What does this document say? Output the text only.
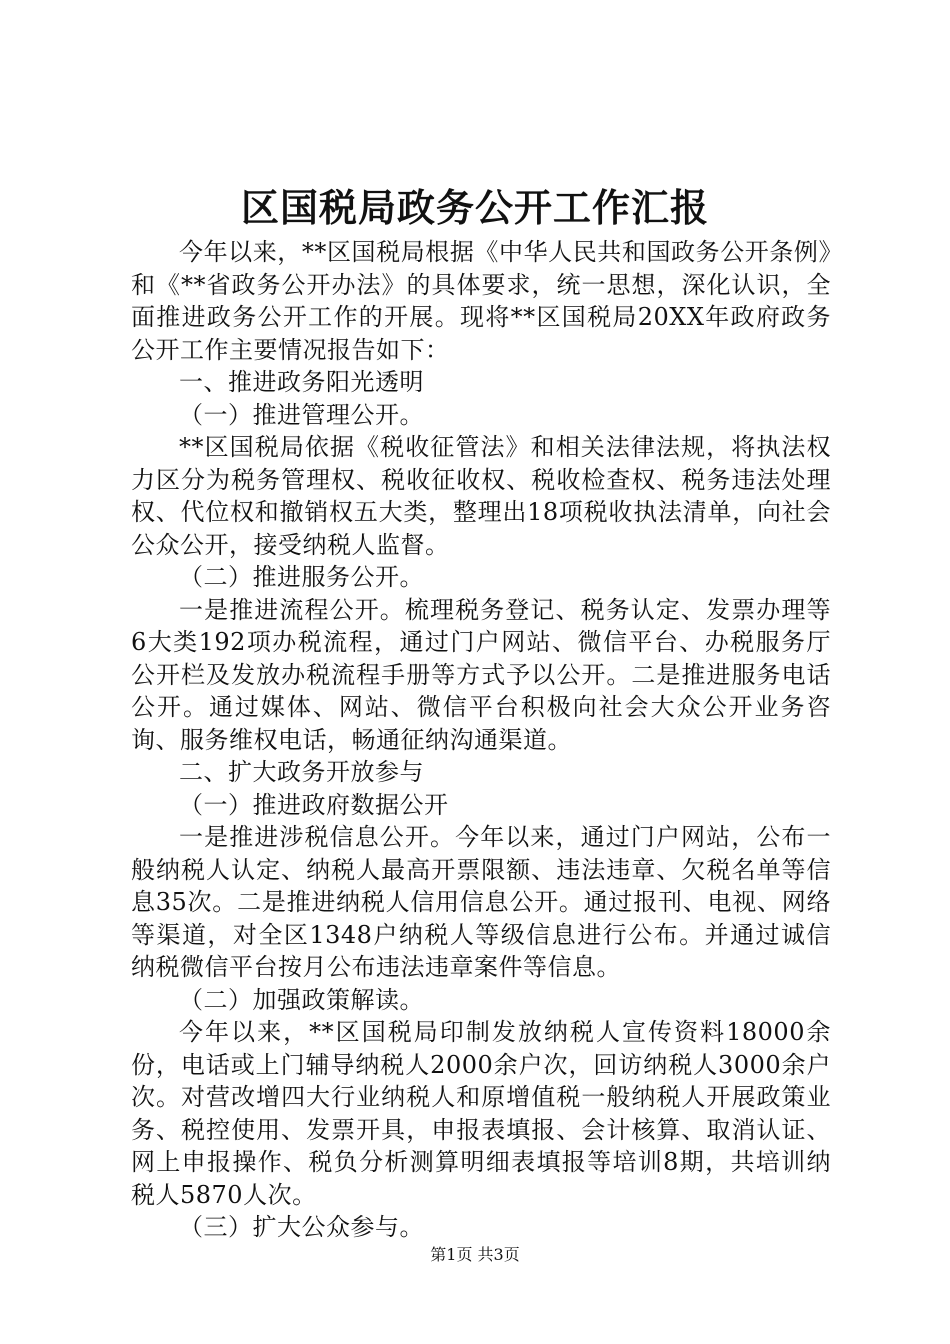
区国税局政务公开工作汇报

今年以来，**区国税局根据《中华人民共和国政务公开条例》和《**省政务公开办法》的具体要求，统一思想，深化认识，全面推进政务公开工作的开展。现将**区国税局20XX年政府政务公开工作主要情况报告如下：

一、推进政务阳光透明

（一）推进管理公开。

**区国税局依据《税收征管法》和相关法律法规，将执法权力区分为税务管理权、税收征收权、税收检查权、税务违法处理权、代位权和撤销权五大类，整理出18项税收执法清单，向社会公众公开，接受纳税人监督。

（二）推进服务公开。

一是推进流程公开。梳理税务登记、税务认定、发票办理等6大类192项办税流程，通过门户网站、微信平台、办税服务厅公开栏及发放办税流程手册等方式予以公开。二是推进服务电话公开。通过媒体、网站、微信平台积极向社会大众公开业务咨询、服务维权电话，畅通征纳沟通渠道。

二、扩大政务开放参与

（一）推进政府数据公开

一是推进涉税信息公开。今年以来，通过门户网站，公布一般纳税人认定、纳税人最高开票限额、违法违章、欠税名单等信息35次。二是推进纳税人信用信息公开。通过报刊、电视、网络等渠道，对全区1348户纳税人等级信息进行公布。并通过诚信纳税微信平台按月公布违法违章案件等信息。

（二）加强政策解读。

今年以来，**区国税局印制发放纳税人宣传资料18000余份，电话或上门辅导纳税人2000余户次，回访纳税人3000余户次。对营改增四大行业纳税人和原增值税一般纳税人开展政策业务、税控使用、发票开具，申报表填报、会计核算、取消认证、网上申报操作、税负分析测算明细表填报等培训8期，共培训纳税人5870人次。

（三）扩大公众参与。

第1页 共3页
